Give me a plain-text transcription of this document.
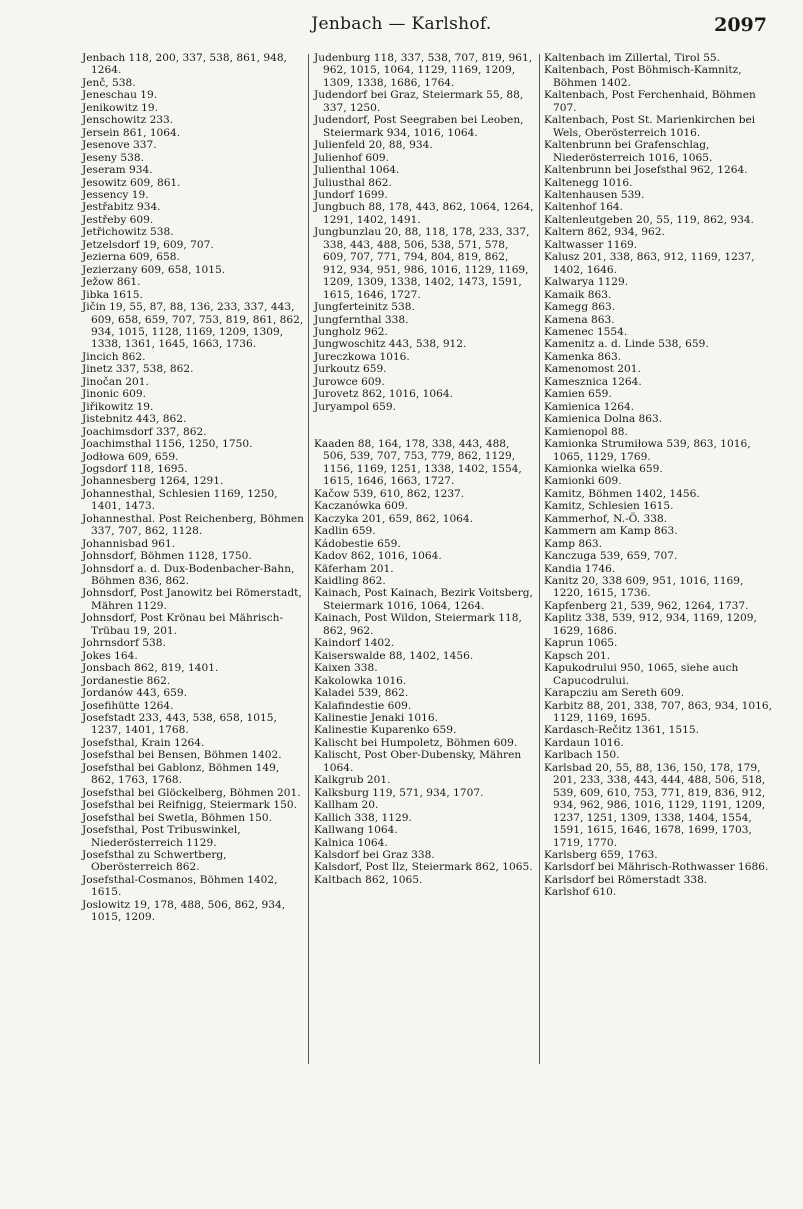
Jenbach — Karlshof.	2097
Jenbach 118, 200, 337, 538, 861, 948, 1264.
Jenč, 538.
Jeneschau 19.
Jenikowitz 19.
Jenschowitz 233.
Jersein 861, 1064.
Jesenove 337.
Jeseny 538.
Jeseram 934.
Jesowitz 609, 861.
Jessency 19.
Jestřabitz 934.
Jestřeby 609.
Jetřichowitz 538.
Jetzelsdorf 19, 609, 707.
Jezierna 609, 658.
Jezierzany 609, 658, 1015.
Ježow 861.
Jibka 1615.
Jičin 19, 55, 87, 88, 136, 233, 337, 443, 609, 658, 659, 707, 753, 819, 861, 862, 934, 1015, 1128, 1169, 1209, 1309, 1338, 1361, 1645, 1663, 1736.
Jincich 862.
Jinetz 337, 538, 862.
Jinočan 201.
Jinonic 609.
Jiřikowitz 19.
Jistebnitz 443, 862.
Joachimsdorf 337, 862.
Joachimsthal 1156, 1250, 1750.
Jodłowa 609, 659.
Jogsdorf 118, 1695.
Johannesberg 1264, 1291.
Johannesthal, Schlesien 1169, 1250, 1401, 1473.
Johannesthal. Post Reichenberg, Böhmen 337, 707, 862, 1128.
Johannisbad 961.
Johnsdorf, Böhmen 1128, 1750.
Johnsdorf a. d. Dux-Bodenbacher-Bahn, Böhmen 836, 862.
Johnsdorf, Post Janowitz bei Römerstadt, Mähren 1129.
Johnsdorf, Post Krönau bei Mährisch-Trübau 19, 201.
Johrnsdorf 538.
Jokes 164.
Jonsbach 862, 819, 1401.
Jordanestie 862.
Jordanów 443, 659.
Josefihütte 1264.
Josefstadt 233, 443, 538, 658, 1015, 1237, 1401, 1768.
Josefsthal, Krain 1264.
Josefsthal bei Bensen, Böhmen 1402.
Josefsthal bei Gablonz, Böhmen 149, 862, 1763, 1768.
Josefsthal bei Glöckelberg, Böhmen 201.
Josefsthal bei Reifnigg, Steiermark 150.
Josefsthal bei Swetla, Böhmen 150.
Josefsthal, Post Tribuswinkel, Niederösterreich 1129.
Josefsthal zu Schwertberg, Oberösterreich 862.
Josefsthal-Cosmanos, Böhmen 1402, 1615.
Joslowitz 19, 178, 488, 506, 862, 934, 1015, 1209.
Judenburg 118, 337, 538, 707, 819, 961, 962, 1015, 1064, 1129, 1169, 1209, 1309, 1338, 1686, 1764.
Judendorf bei Graz, Steiermark 55, 88, 337, 1250.
Judendorf, Post Seegraben bei Leoben, Steiermark 934, 1016, 1064.
Julienfeld 20, 88, 934.
Julienhof 609.
Julienthal 1064.
Juliusthal 862.
Jundorf 1699.
Jungbuch 88, 178, 443, 862, 1064, 1264, 1291, 1402, 1491.
Jungbunzlau 20, 88, 118, 178, 233, 337, 338, 443, 488, 506, 538, 571, 578, 609, 707, 771, 794, 804, 819, 862, 912, 934, 951, 986, 1016, 1129, 1169, 1209, 1309, 1338, 1402, 1473, 1591, 1615, 1646, 1727.
Jungferteinitz 538.
Jungfernthal 338.
Jungholz 962.
Jungwoschitz 443, 538, 912.
Jureczkowa 1016.
Jurkoutz 659.
Jurowce 609.
Jurovetz 862, 1016, 1064.
Juryampol 659.
Kaaden 88, 164, 178, 338, 443, 488, 506, 539, 707, 753, 779, 862, 1129, 1156, 1169, 1251, 1338, 1402, 1554, 1615, 1646, 1663, 1727.
Kačow 539, 610, 862, 1237.
Kaczanówka 609.
Kaczyka 201, 659, 862, 1064.
Kadlin 659.
Kádobestie 659.
Kadov 862, 1016, 1064.
Käferham 201.
Kaidling 862.
Kainach, Post Kainach, Bezirk Voitsberg, Steiermark 1016, 1064, 1264.
Kainach, Post Wildon, Steiermark 118, 862, 962.
Kaindorf 1402.
Kaiserswalde 88, 1402, 1456.
Kaixen 338.
Kakolowka 1016.
Kaladei 539, 862.
Kalafindestie 609.
Kalinestie Jenaki 1016.
Kalinestie Kuparenko 659.
Kalischt bei Humpoletz, Böhmen 609.
Kalischt, Post Ober-Dubensky, Mähren 1064.
Kalkgrub 201.
Kalksburg 119, 571, 934, 1707.
Kallham 20.
Kallich 338, 1129.
Kallwang 1064.
Kalnica 1064.
Kalsdorf bei Graz 338.
Kalsdorf, Post Ilz, Steiermark 862, 1065.
Kaltbach 862, 1065.
Kaltenbach im Zillertal, Tirol 55.
Kaltenbach, Post Böhmisch-Kamnitz, Böhmen 1402.
Kaltenbach, Post Ferchenhaid, Böhmen 707.
Kaltenbach, Post St. Marienkirchen bei Wels, Oberösterreich 1016.
Kaltenbrunn bei Grafenschlag, Niederösterreich 1016, 1065.
Kaltenbrunn bei Josefsthal 962, 1264.
Kaltenegg 1016.
Kaltenhausen 539.
Kaltenhof 164.
Kaltenleutgeben 20, 55, 119, 862, 934.
Kaltern 862, 934, 962.
Kaltwasser 1169.
Kalusz 201, 338, 863, 912, 1169, 1237, 1402, 1646.
Kalwarya 1129.
Kamaik 863.
Kamegg 863.
Kamena 863.
Kamenec 1554.
Kamenitz a. d. Linde 538, 659.
Kamenka 863.
Kamenomost 201.
Kamesznica 1264.
Kamien 659.
Kamienica 1264.
Kamienica Dolna 863.
Kamienopol 88.
Kamionka Strumiłowa 539, 863, 1016, 1065, 1129, 1769.
Kamionka wielka 659.
Kamionki 609.
Kamitz, Böhmen 1402, 1456.
Kamitz, Schlesien 1615.
Kammerhof, N.-Ö. 338.
Kammern am Kamp 863.
Kamp 863.
Kanczuga 539, 659, 707.
Kandia 1746.
Kanitz 20, 338 609, 951, 1016, 1169, 1220, 1615, 1736.
Kapfenberg 21, 539, 962, 1264, 1737.
Kaplitz 338, 539, 912, 934, 1169, 1209, 1629, 1686.
Kaprun 1065.
Kapsch 201.
Kapukodrului 950, 1065, siehe auch Capucodrului.
Karapcziu am Sereth 609.
Karbitz 88, 201, 338, 707, 863, 934, 1016, 1129, 1169, 1695.
Kardasch-Rečitz 1361, 1515.
Kardaun 1016.
Karlbach 150.
Karlsbad 20, 55, 88, 136, 150, 178, 179, 201, 233, 338, 443, 444, 488, 506, 518, 539, 609, 610, 753, 771, 819, 836, 912, 934, 962, 986, 1016, 1129, 1191, 1209, 1237, 1251, 1309, 1338, 1404, 1554, 1591, 1615, 1646, 1678, 1699, 1703, 1719, 1770.
Karlsberg 659, 1763.
Karlsdorf bei Mährisch-Rothwasser 1686.
Karlsdorf bei Römerstadt 338.
Karlshof 610.
